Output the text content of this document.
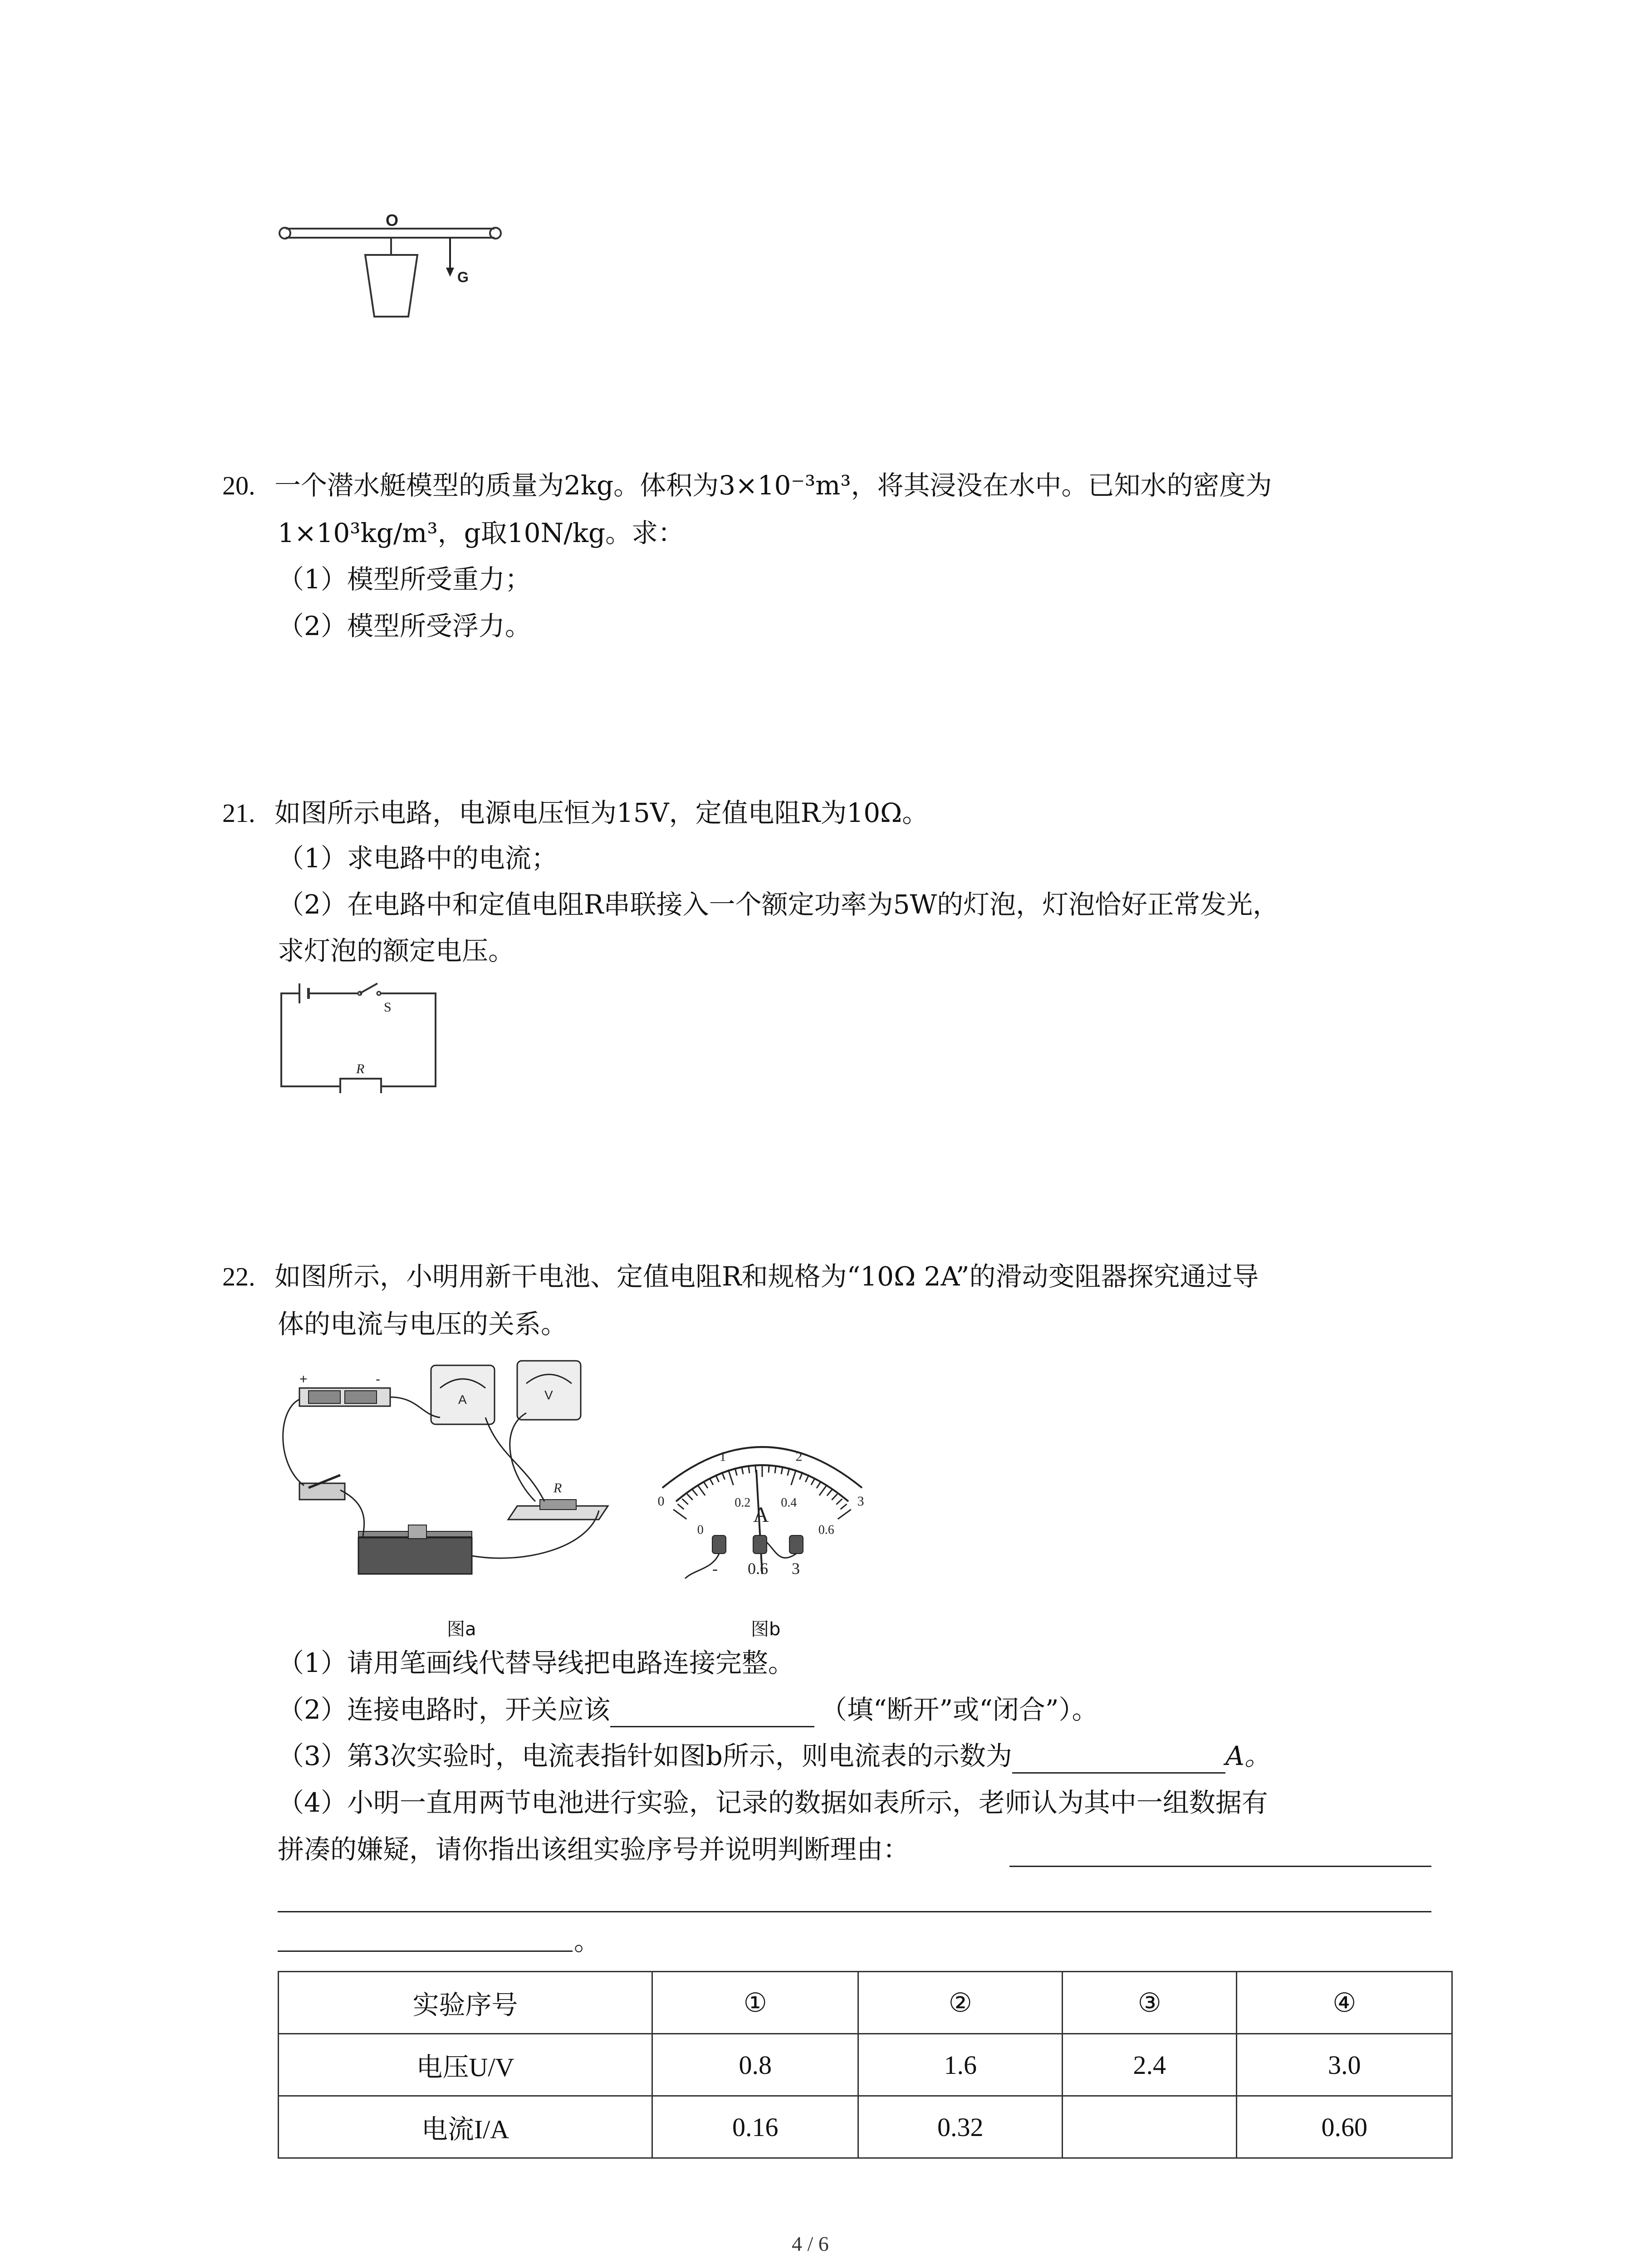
O
G
20. 一个潜水艇模型的质量为2kg。体积为3×10⁻³m³，将其浸没在水中。已知水的密度为
1×10³kg/m³，g取10N/kg。求：
（1）模型所受重力；
（2）模型所受浮力。
21. 如图所示电路，电源电压恒为15V，定值电阻R为10Ω。
（1）求电路中的电流；
（2）在电路中和定值电阻R串联接入一个额定功率为5W的灯泡，灯泡恰好正常发光，
求灯泡的额定电压。
S
R
22. 如图所示，小明用新干电池、定值电阻R和规格为“10Ω 2A”的滑动变阻器探究通过导
体的电流与电压的关系。
+	-
A	V
R
图a
0
1	2
3
0
0.2 0.4
0.6
A
- 0.6 3
图b
（1）请用笔画线代替导线把电路连接完整。
（2）连接电路时，开关应该	（填“断开”或“闭合”）。
（3）第3次实验时，电流表指针如图b所示，则电流表的示数为	A。
（4）小明一直用两节电池进行实验，记录的数据如表所示，老师认为其中一组数据有
拼凑的嫌疑，请你指出该组实验序号并说明判断理由：
。
实验序号	①	②	③	④
电压U/V	0.8	1.6	2.4	3.0
电流I/A	0.16	0.32		0.60
4 / 6
